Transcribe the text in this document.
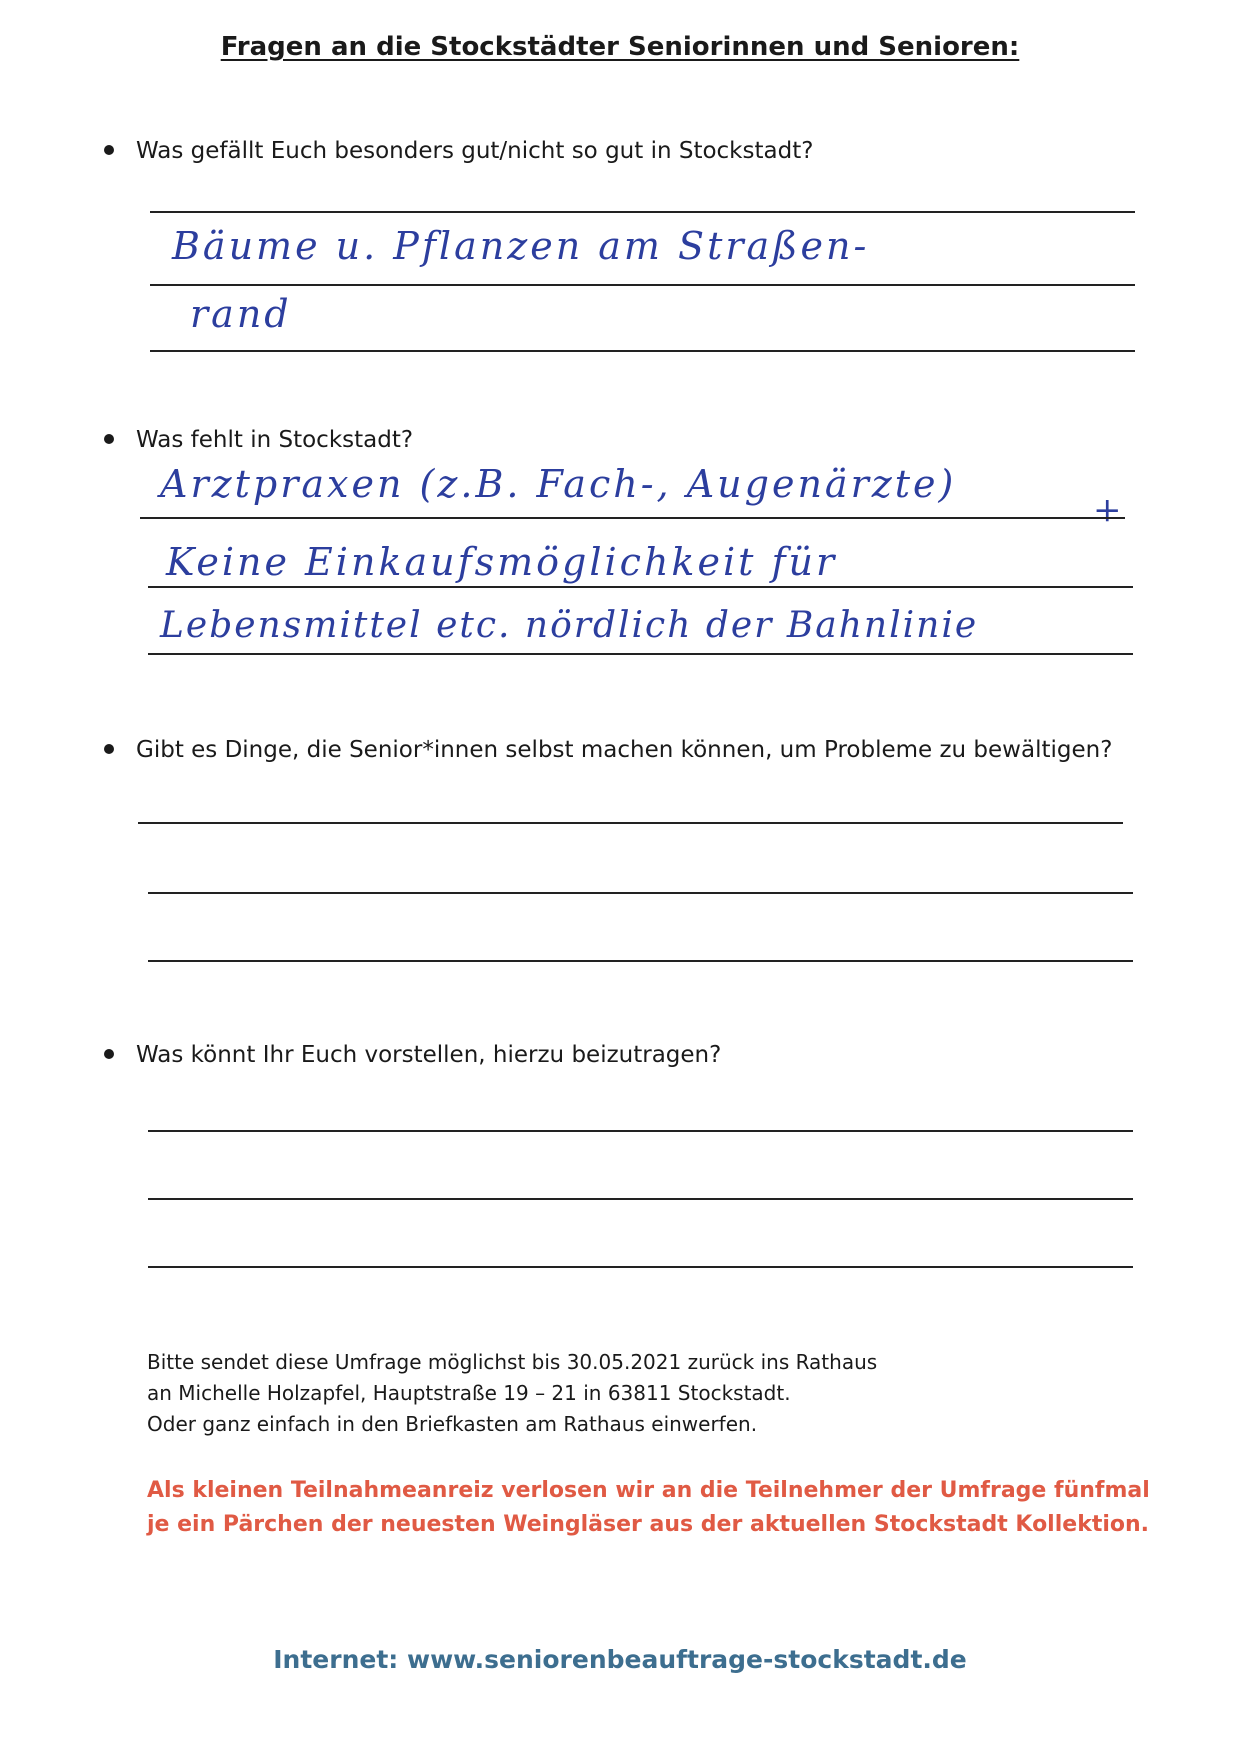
Fragen an die Stockstädter Seniorinnen und Senioren:
Was gefällt Euch besonders gut/nicht so gut in Stockstadt?
Bäume u. Pflanzen am Straßen-
rand
Was fehlt in Stockstadt?
Arztpraxen (z.B. Fach-, Augenärzte)
+
Keine Einkaufsmöglichkeit für
Lebensmittel etc. nördlich der Bahnlinie
Gibt es Dinge, die Senior*innen selbst machen können, um Probleme zu bewältigen?
Was könnt Ihr Euch vorstellen, hierzu beizutragen?
Bitte sendet diese Umfrage möglichst bis 30.05.2021 zurück ins Rathaus
an Michelle Holzapfel, Hauptstraße 19 – 21 in 63811 Stockstadt.
Oder ganz einfach in den Briefkasten am Rathaus einwerfen.
Als kleinen Teilnahmeanreiz verlosen wir an die Teilnehmer der Umfrage fünfmal je ein Pärchen der neuesten Weingläser aus der aktuellen Stockstadt Kollektion.
Internet: www.seniorenbeauftrage-stockstadt.de
